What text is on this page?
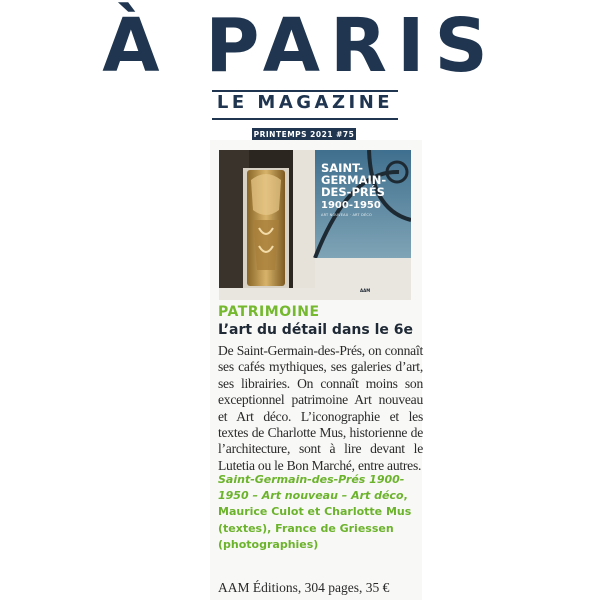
À PARIS
LE MAGAZINE
PRINTEMPS 2021 #75
SAINT-GERMAIN-DES-PRÉS
1900-1950
ART NOUVEAU · ART DÉCO
AAM
PATRIMOINE
L’art du détail dans le 6e
De Saint-Germain-des-Prés, on connaît ses cafés mythiques, ses galeries d’art, ses librairies. On connaît moins son exceptionnel patrimoine Art nouveau et Art déco. L’iconographie et les textes de Charlotte Mus, historienne de l’architecture, sont à lire devant le Lutetia ou le Bon Marché, entre autres.
Saint-Germain-des-Prés 1900-1950 – Art nouveau – Art déco, Maurice Culot et Charlotte Mus (textes), France de Griessen (photographies)
AAM Éditions, 304 pages, 35 €
